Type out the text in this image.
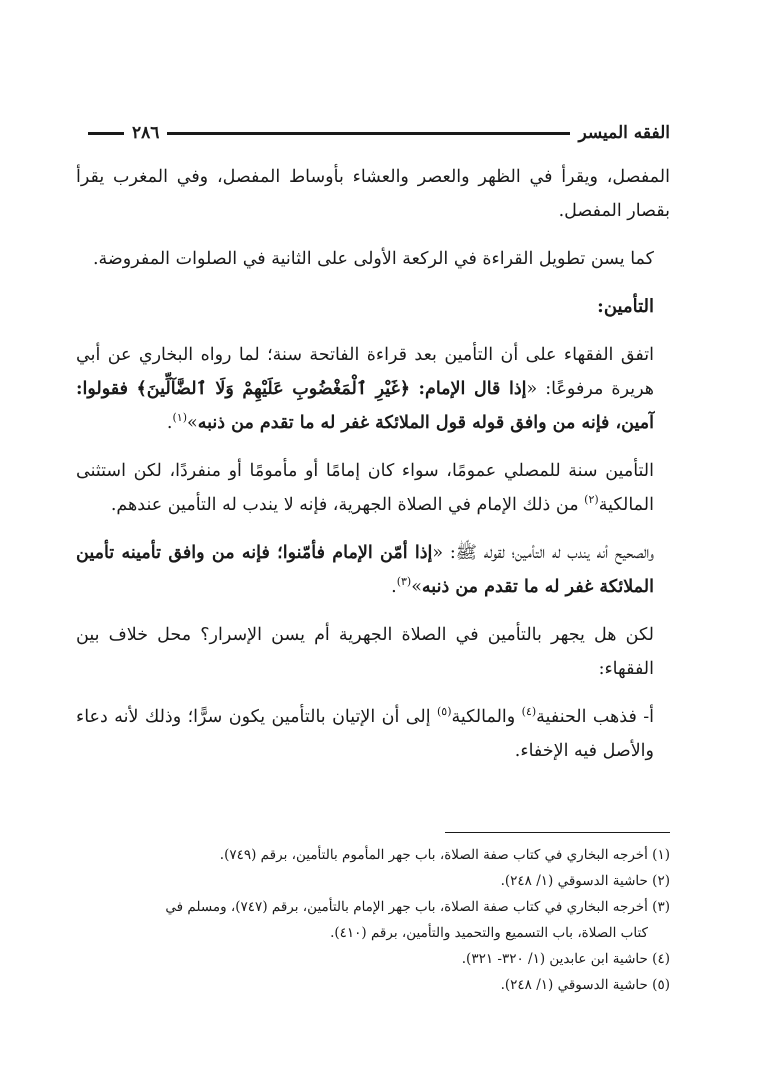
الفقه الميسر
٢٨٦

المفصل، ويقرأ في الظهر والعصر والعشاء بأوساط المفصل، وفي المغرب يقرأ بقصار المفصل.

كما يسن تطويل القراءة في الركعة الأولى على الثانية في الصلوات المفروضة.

التأمين:

اتفق الفقهاء على أن التأمين بعد قراءة الفاتحة سنة؛ لما رواه البخاري عن أبي هريرة مرفوعًا: «إذا قال الإمام: ﴿غَيْرِ ٱلْمَغْضُوبِ عَلَيْهِمْ وَلَا ٱلضَّآلِّينَ﴾ فقولوا: آمين، فإنه من وافق قوله قول الملائكة غفر له ما تقدم من ذنبه»$^{(١)}$.

التأمين سنة للمصلي عمومًا، سواء كان إمامًا أو مأمومًا أو منفردًا، لكن استثنى المالكية$^{(٢)}$ من ذلك الإمام في الصلاة الجهرية، فإنه لا يندب له التأمين عندهم.

والصحيح أنه يندب له التأمين؛ لقوله ﷺ: «إذا أمّن الإمام فأمّنوا؛ فإنه من وافق تأمينه تأمين الملائكة غفر له ما تقدم من ذنبه»$^{(٣)}$.

لكن هل يجهر بالتأمين في الصلاة الجهرية أم يسن الإسرار؟ محل خلاف بين الفقهاء:

أ- فذهب الحنفية$^{(٤)}$ والمالكية$^{(٥)}$ إلى أن الإتيان بالتأمين يكون سرًّا؛ وذلك لأنه دعاء والأصل فيه الإخفاء.

(١) أخرجه البخاري في كتاب صفة الصلاة، باب جهر المأموم بالتأمين، برقم (٧٤٩).

(٢) حاشية الدسوقي (١/ ٢٤٨).

(٣) أخرجه البخاري في كتاب صفة الصلاة، باب جهر الإمام بالتأمين، برقم (٧٤٧)، ومسلم في

كتاب الصلاة، باب التسميع والتحميد والتأمين، برقم (٤١٠).

(٤) حاشية ابن عابدين (١/ ٣٢٠- ٣٢١).

(٥) حاشية الدسوقي (١/ ٢٤٨).
